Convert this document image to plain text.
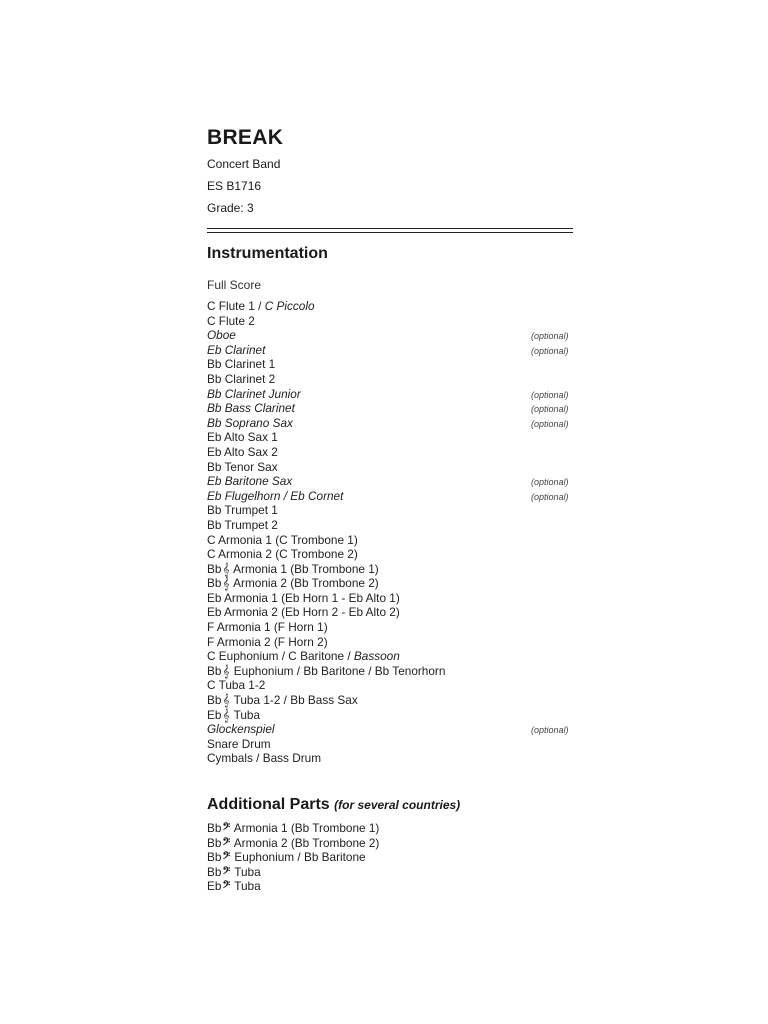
BREAK
Concert Band
ES B1716
Grade: 3
Instrumentation
Full Score
C Flute 1 / C Piccolo
C Flute 2
Oboe	(optional)
Eb Clarinet	(optional)
Bb Clarinet 1
Bb Clarinet 2
Bb Clarinet Junior	(optional)
Bb Bass Clarinet	(optional)
Bb Soprano Sax	(optional)
Eb Alto Sax 1
Eb Alto Sax 2
Bb Tenor Sax
Eb Baritone Sax	(optional)
Eb Flugelhorn / Eb Cornet	(optional)
Bb Trumpet 1
Bb Trumpet 2
C Armonia 1 (C Trombone 1)
C Armonia 2 (C Trombone 2)
Bb𝄞 Armonia 1 (Bb Trombone 1)
Bb𝄞 Armonia 2 (Bb Trombone 2)
Eb Armonia 1 (Eb Horn 1 - Eb Alto 1)
Eb Armonia 2 (Eb Horn 2 - Eb Alto 2)
F Armonia 1 (F Horn 1)
F Armonia 2 (F Horn 2)
C Euphonium / C Baritone / Bassoon
Bb𝄞 Euphonium / Bb Baritone / Bb Tenorhorn
C Tuba 1-2
Bb𝄞 Tuba 1-2 / Bb Bass Sax
Eb𝄞 Tuba
Glockenspiel	(optional)
Snare Drum
Cymbals / Bass Drum
Additional Parts (for several countries)
Bb𝄢 Armonia 1 (Bb Trombone 1)
Bb𝄢 Armonia 2 (Bb Trombone 2)
Bb𝄢 Euphonium / Bb Baritone
Bb𝄢 Tuba
Eb𝄢 Tuba
